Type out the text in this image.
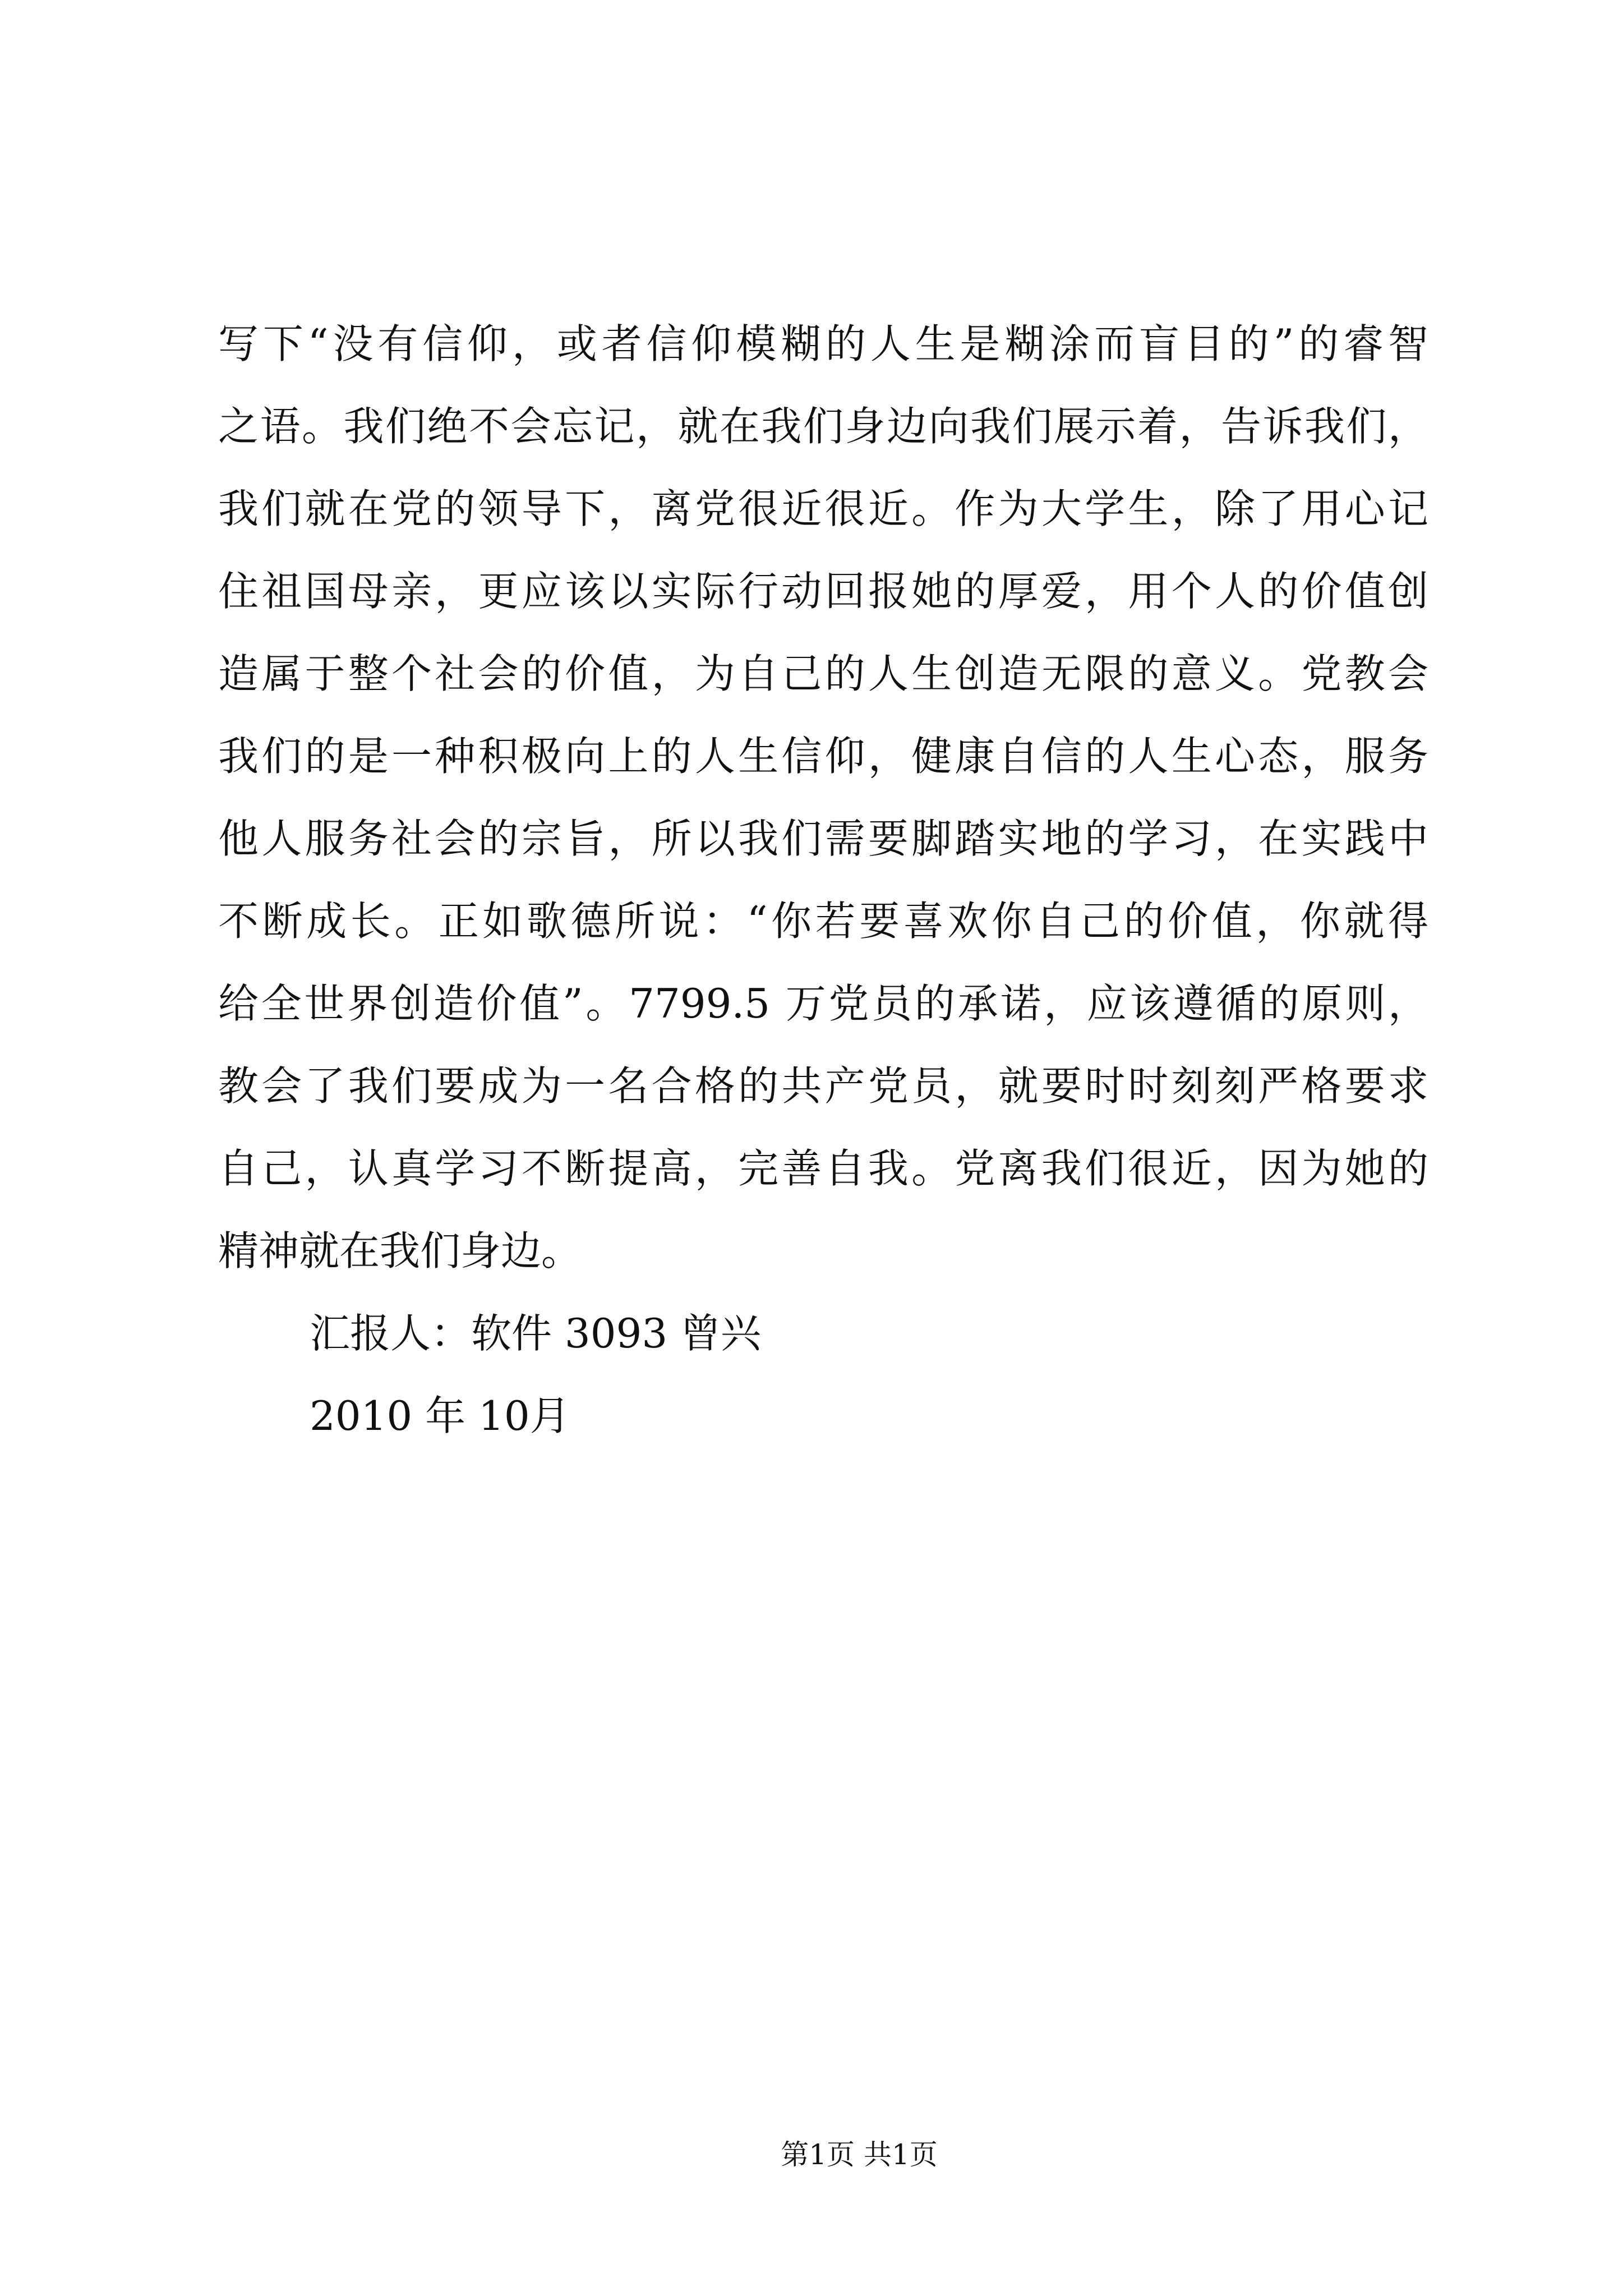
写下“没有信仰，或者信仰模糊的人生是糊涂而盲目的”的睿智
之语。我们绝不会忘记，就在我们身边向我们展示着，告诉我们，
我们就在党的领导下，离党很近很近。作为大学生，除了用心记
住祖国母亲，更应该以实际行动回报她的厚爱，用个人的价值创
造属于整个社会的价值，为自己的人生创造无限的意义。党教会
我们的是一种积极向上的人生信仰，健康自信的人生心态，服务
他人服务社会的宗旨，所以我们需要脚踏实地的学习，在实践中
不断成长。正如歌德所说：“你若要喜欢你自己的价值，你就得
给全世界创造价值”。7799.5 万党员的承诺，应该遵循的原则，
教会了我们要成为一名合格的共产党员，就要时时刻刻严格要求
自己，认真学习不断提高，完善自我。党离我们很近，因为她的
精神就在我们身边。
汇报人：软件 3093 曾兴
2010 年 10月
第1页 共1页
